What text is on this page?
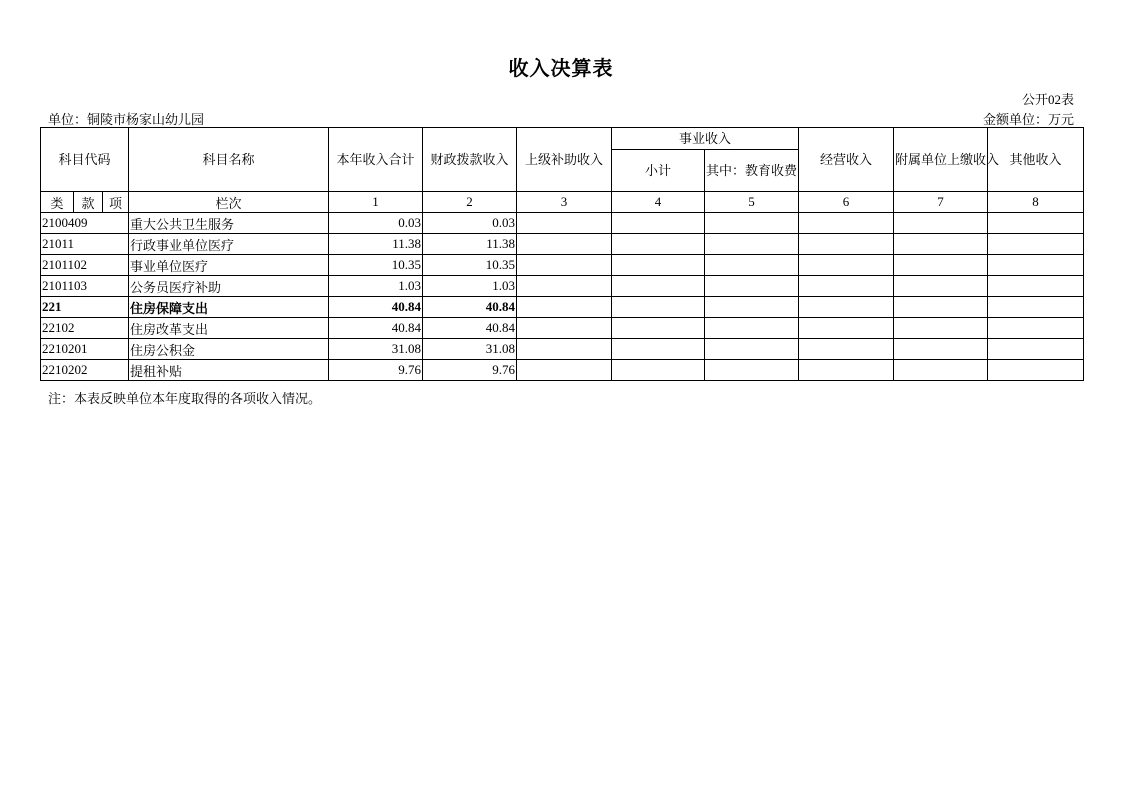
收入决算表
公开02表
单位：铜陵市杨家山幼儿园	金额单位：万元
科目代码			科目名称	本年收入合计	财政拨款收入	上级补助收入	事业收入		经营收入	附属单位上缴收入	其他收入
							小计	其中：教育收费			
类	款	项	栏次	1	2	3	4	5	6	7	8
2100409			重大公共卫生服务	0.03	0.03						
21011			行政事业单位医疗	11.38	11.38						
2101102			事业单位医疗	10.35	10.35						
2101103			公务员医疗补助	1.03	1.03						
221			住房保障支出	40.84	40.84						
22102			住房改革支出	40.84	40.84						
2210201			住房公积金	31.08	31.08						
2210202			提租补贴	9.76	9.76						
注：本表反映单位本年度取得的各项收入情况。
